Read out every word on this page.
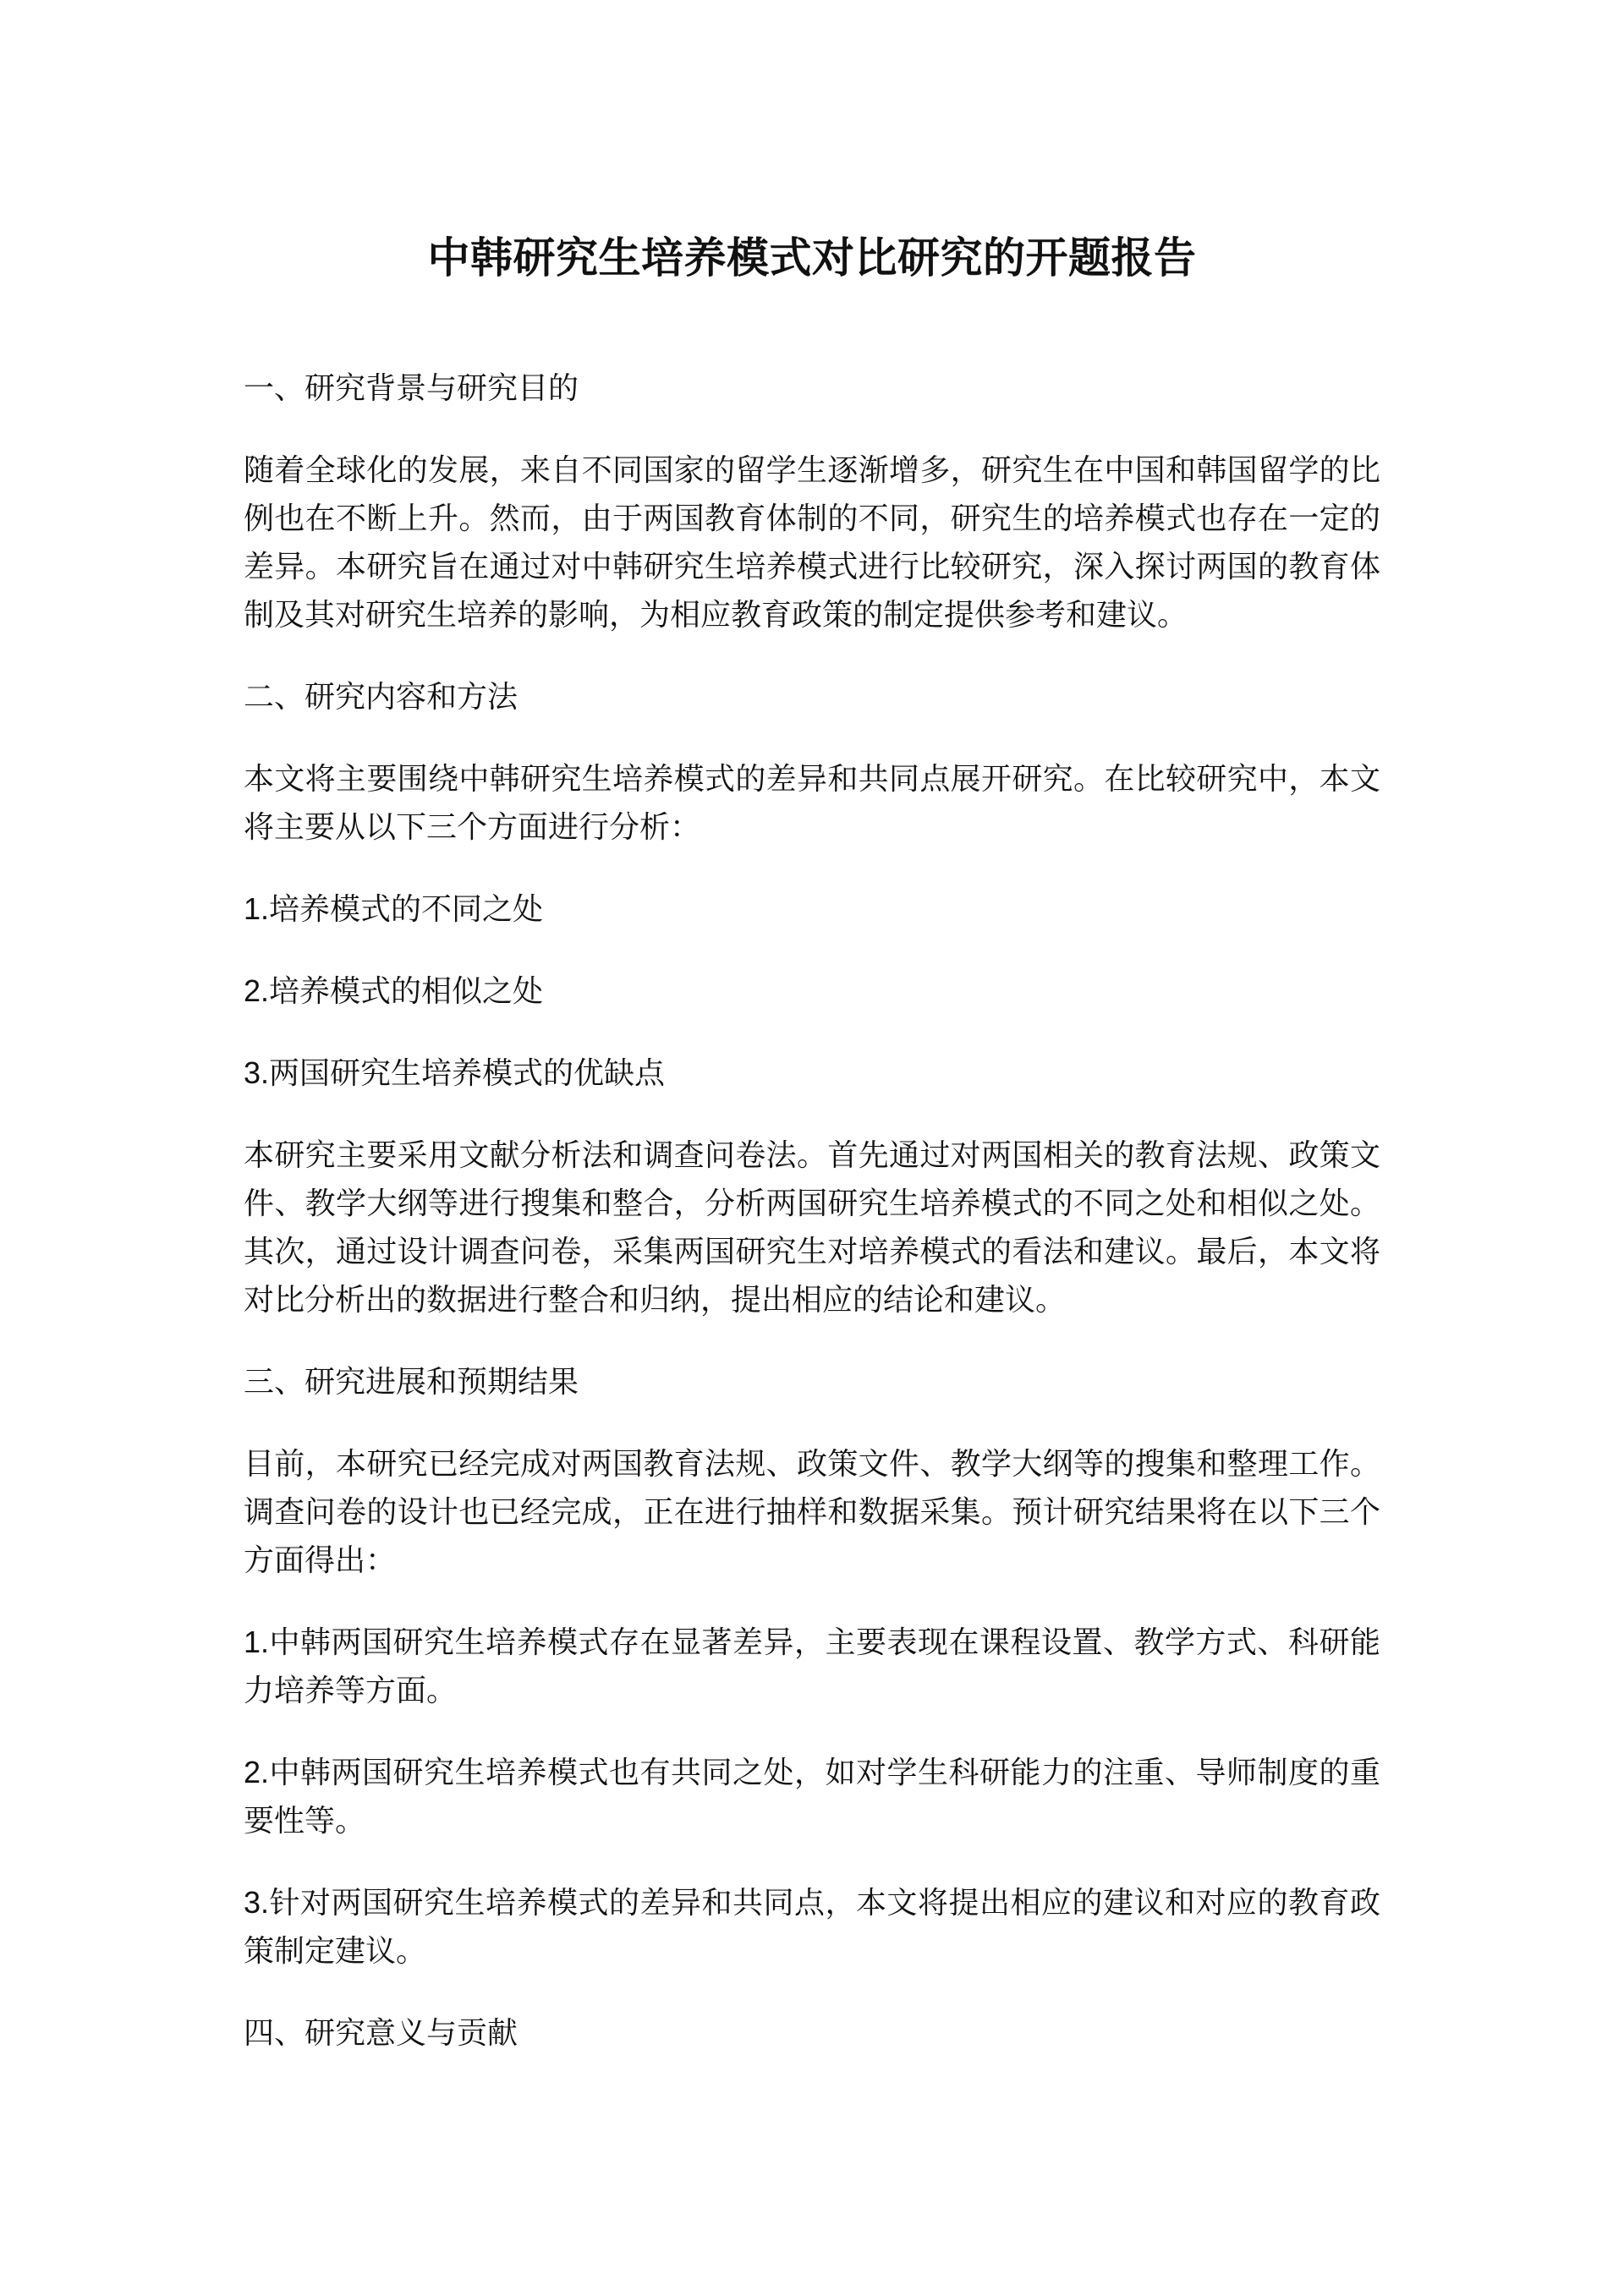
中韩研究生培养模式对比研究的开题报告

一、研究背景与研究目的

随着全球化的发展，来自不同国家的留学生逐渐增多，研究生在中国和韩国留学的比例也在不断上升。然而，由于两国教育体制的不同，研究生的培养模式也存在一定的差异。本研究旨在通过对中韩研究生培养模式进行比较研究，深入探讨两国的教育体制及其对研究生培养的影响，为相应教育政策的制定提供参考和建议。

二、研究内容和方法

本文将主要围绕中韩研究生培养模式的差异和共同点展开研究。在比较研究中，本文将主要从以下三个方面进行分析：

1.培养模式的不同之处

2.培养模式的相似之处

3.两国研究生培养模式的优缺点

本研究主要采用文献分析法和调查问卷法。首先通过对两国相关的教育法规、政策文件、教学大纲等进行搜集和整合，分析两国研究生培养模式的不同之处和相似之处。其次，通过设计调查问卷，采集两国研究生对培养模式的看法和建议。最后，本文将对比分析出的数据进行整合和归纳，提出相应的结论和建议。

三、研究进展和预期结果

目前，本研究已经完成对两国教育法规、政策文件、教学大纲等的搜集和整理工作。调查问卷的设计也已经完成，正在进行抽样和数据采集。预计研究结果将在以下三个方面得出：

1.中韩两国研究生培养模式存在显著差异，主要表现在课程设置、教学方式、科研能力培养等方面。

2.中韩两国研究生培养模式也有共同之处，如对学生科研能力的注重、导师制度的重要性等。

3.针对两国研究生培养模式的差异和共同点，本文将提出相应的建议和对应的教育政策制定建议。

四、研究意义与贡献
